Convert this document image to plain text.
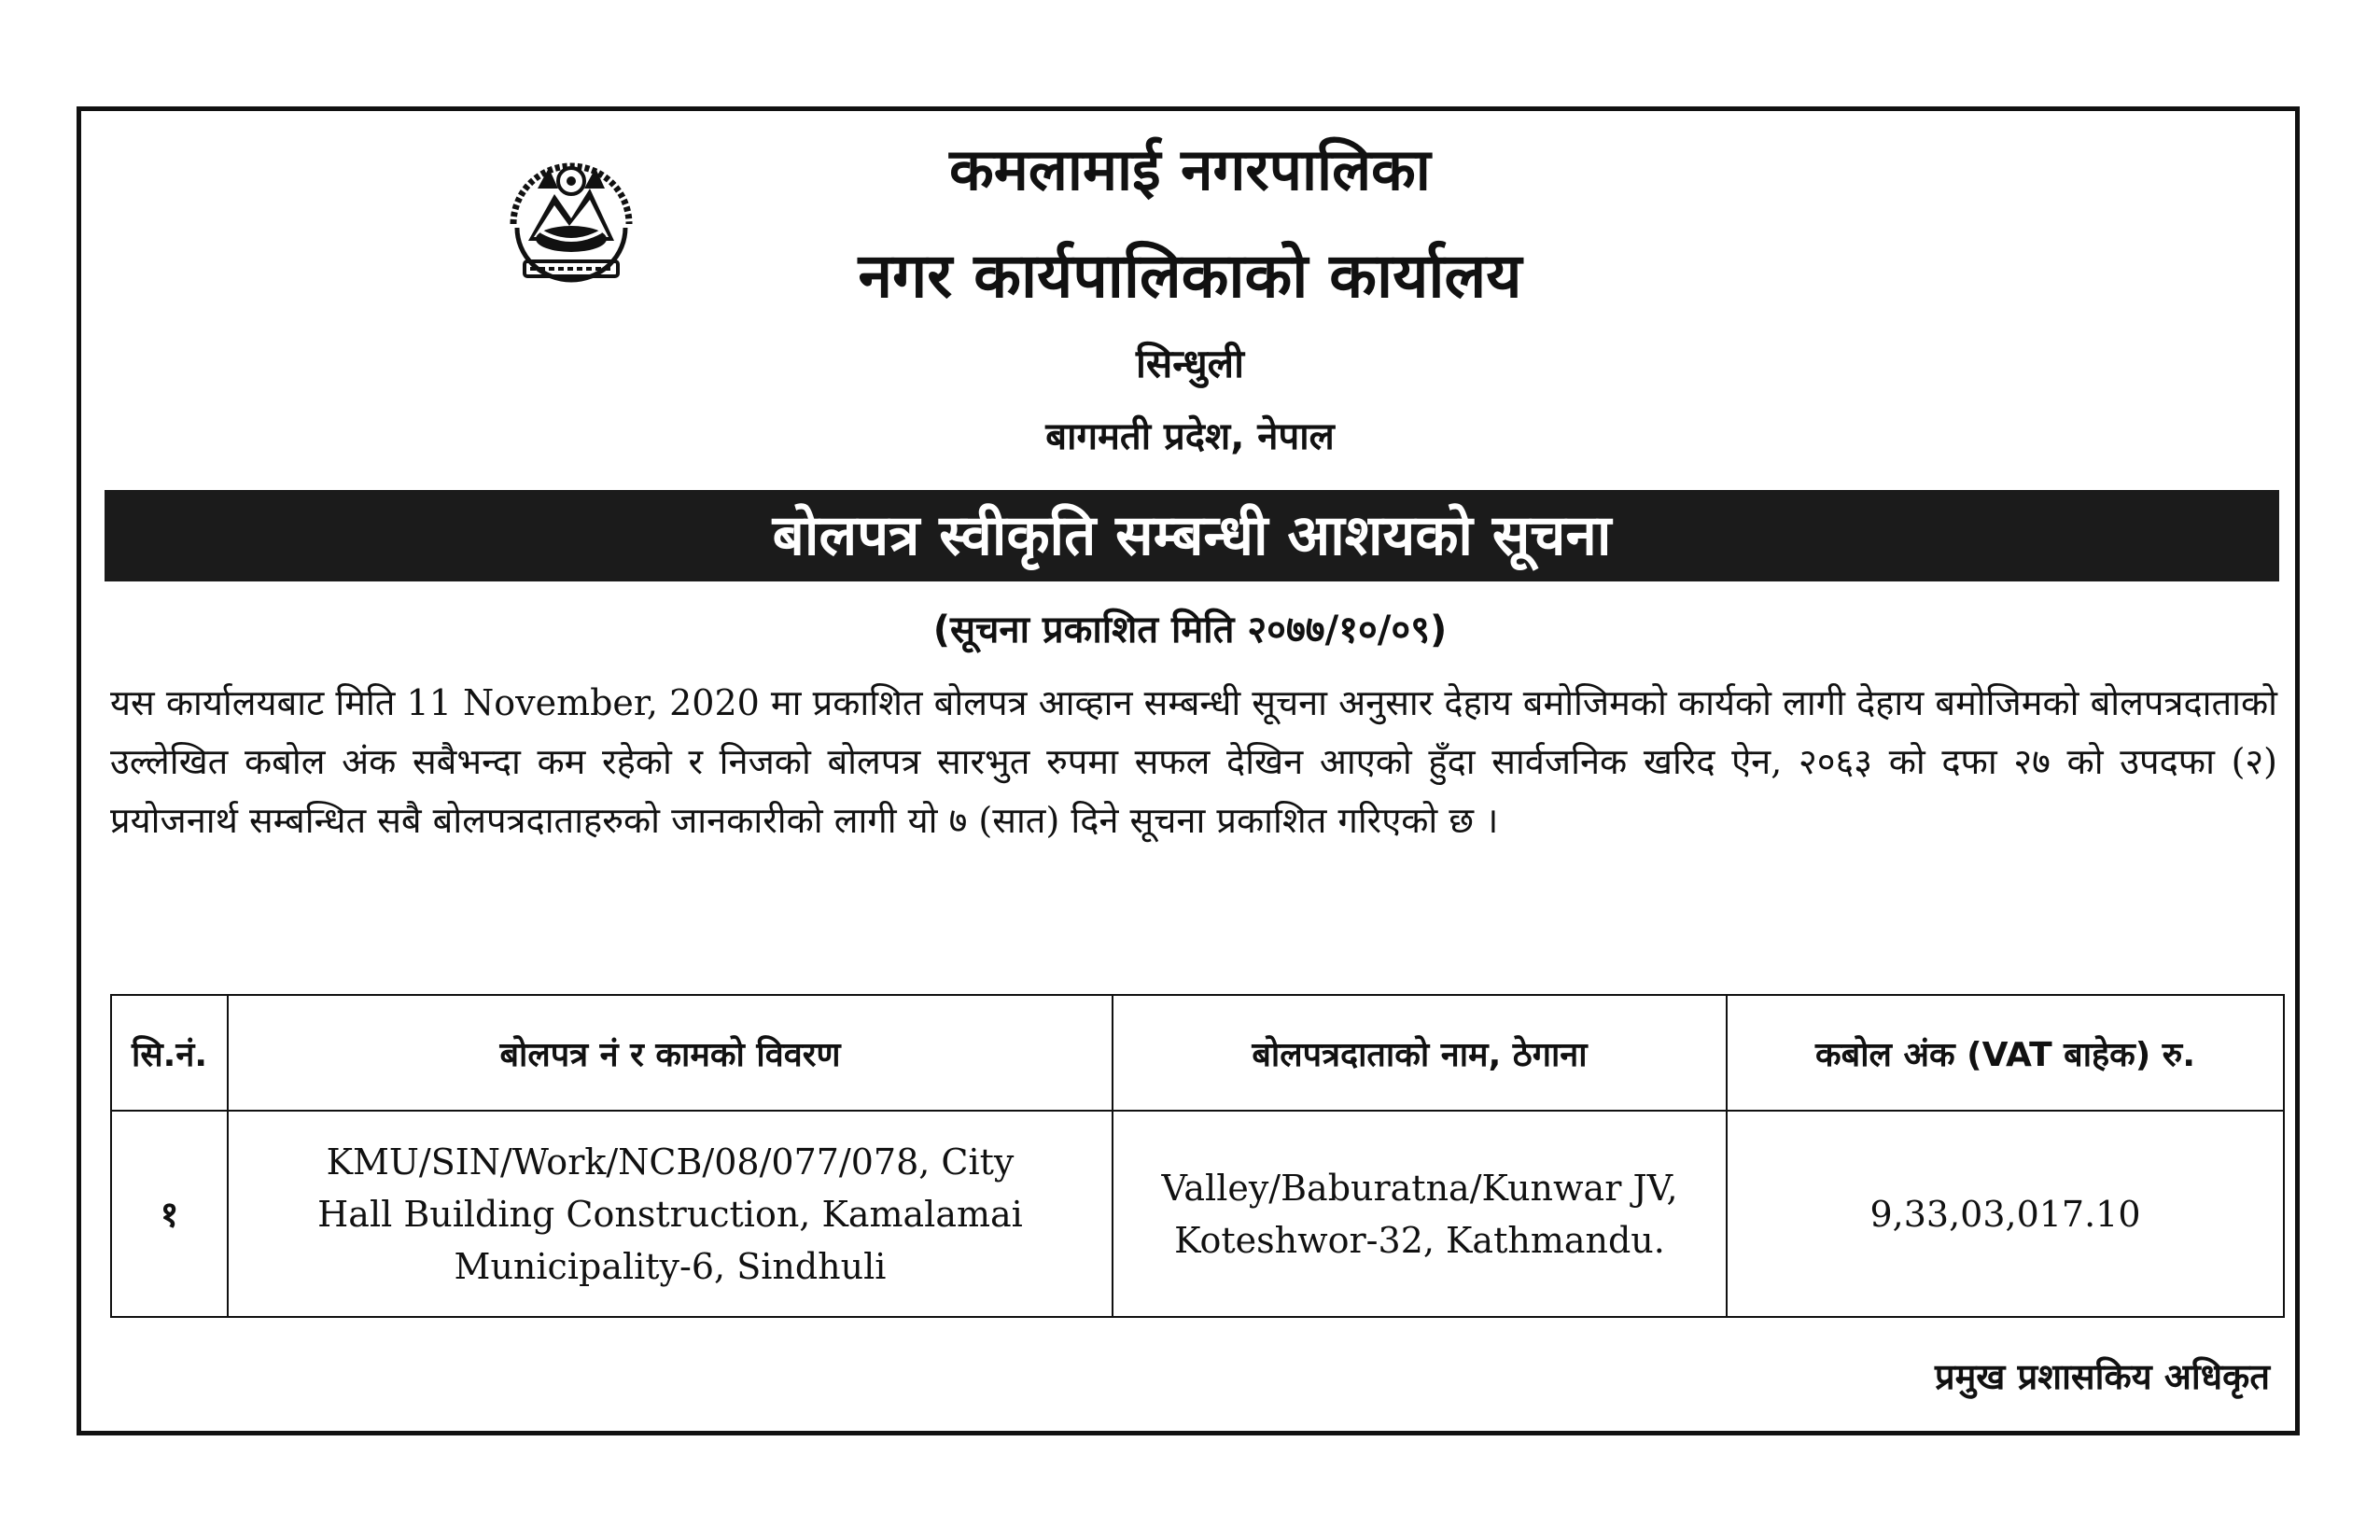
कमलामाई नगरपालिका
नगर कार्यपालिकाको कार्यालय
सिन्धुली
बागमती प्रदेश, नेपाल
बोलपत्र स्वीकृति सम्बन्धी आशयको सूचना
(सूचना प्रकाशित मिति २०७७/१०/०९)
यस कार्यालयबाट मिति 11 November, 2020 मा प्रकाशित बोलपत्र आव्हान सम्बन्धी सूचना अनुसार देहाय बमोजिमको कार्यको लागी देहाय बमोजिमको बोलपत्रदाताको उल्लेखित कबोल अंक सबैभन्दा कम रहेको र निजको बोलपत्र सारभुत रुपमा सफल देखिन आएको हुँदा सार्वजनिक खरिद ऐन, २०६३ को दफा २७ को उपदफा (२) प्रयोजनार्थ सम्बन्धित सबै बोलपत्रदाताहरुको जानकारीको लागी यो ७ (सात) दिने सूचना प्रकाशित गरिएको छ ।
सि.नं.	बोलपत्र नं र कामको विवरण	बोलपत्रदाताको नाम, ठेगाना	कबोल अंक (VAT बाहेक) रु.
१	KMU/SIN/Work/NCB/08/077/078, City Hall Building Construction, Kamalamai Municipality-6, Sindhuli	Valley/Baburatna/Kunwar JV, Koteshwor-32, Kathmandu.	9,33,03,017.10
प्रमुख प्रशासकिय अधिकृत
